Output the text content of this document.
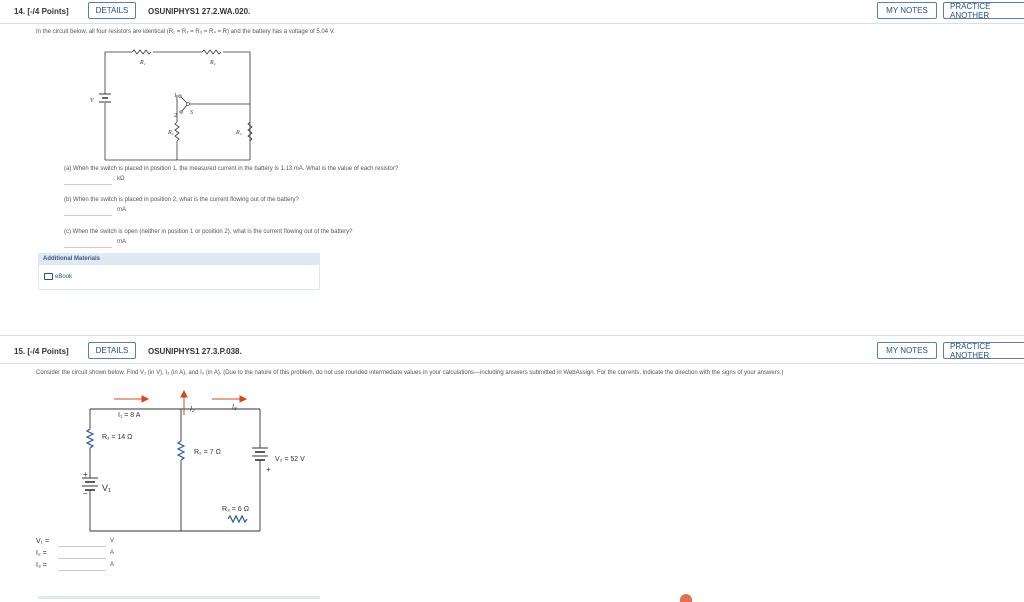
14. [-/4 Points]	DETAILS	OSUNIPHYS1 27.2.WA.020.	MY NOTES	PRACTICE ANOTHER
In the circuit below, all four resistors are identical (R₁ = R₂ = R₃ = R₄ = R) and the battery has a voltage of 5.04 V.
V
R₁	R₂
R₃	R₄
S
1
2
(a) When the switch is placed in position 1, the measured current in the battery is 1.13 mA. What is the value of each resistor?
kΩ
(b) When the switch is placed in position 2, what is the current flowing out of the battery?
mA
(c) When the switch is open (neither in position 1 or position 2), what is the current flowing out of the battery?
mA
Additional Materials
eBook
15. [-/4 Points]	DETAILS	OSUNIPHYS1 27.3.P.038.	MY NOTES	PRACTICE ANOTHER
Consider the circuit shown below. Find V₁ (in V), I₂ (in A), and I₃ (in A). (Due to the nature of this problem, do not use rounded intermediate values in your calculations—including answers submitted in WebAssign. For the currents, indicate the direction with the signs of your answers.)
I₁ = 8 A
I₂	I₃
R₁ = 14 Ω
R₂ = 7 Ω
R₃ = 6 Ω
V₁
V₂ = 52 V
+
−
+
V₁ =	V
I₂ =	A
I₃ =	A
